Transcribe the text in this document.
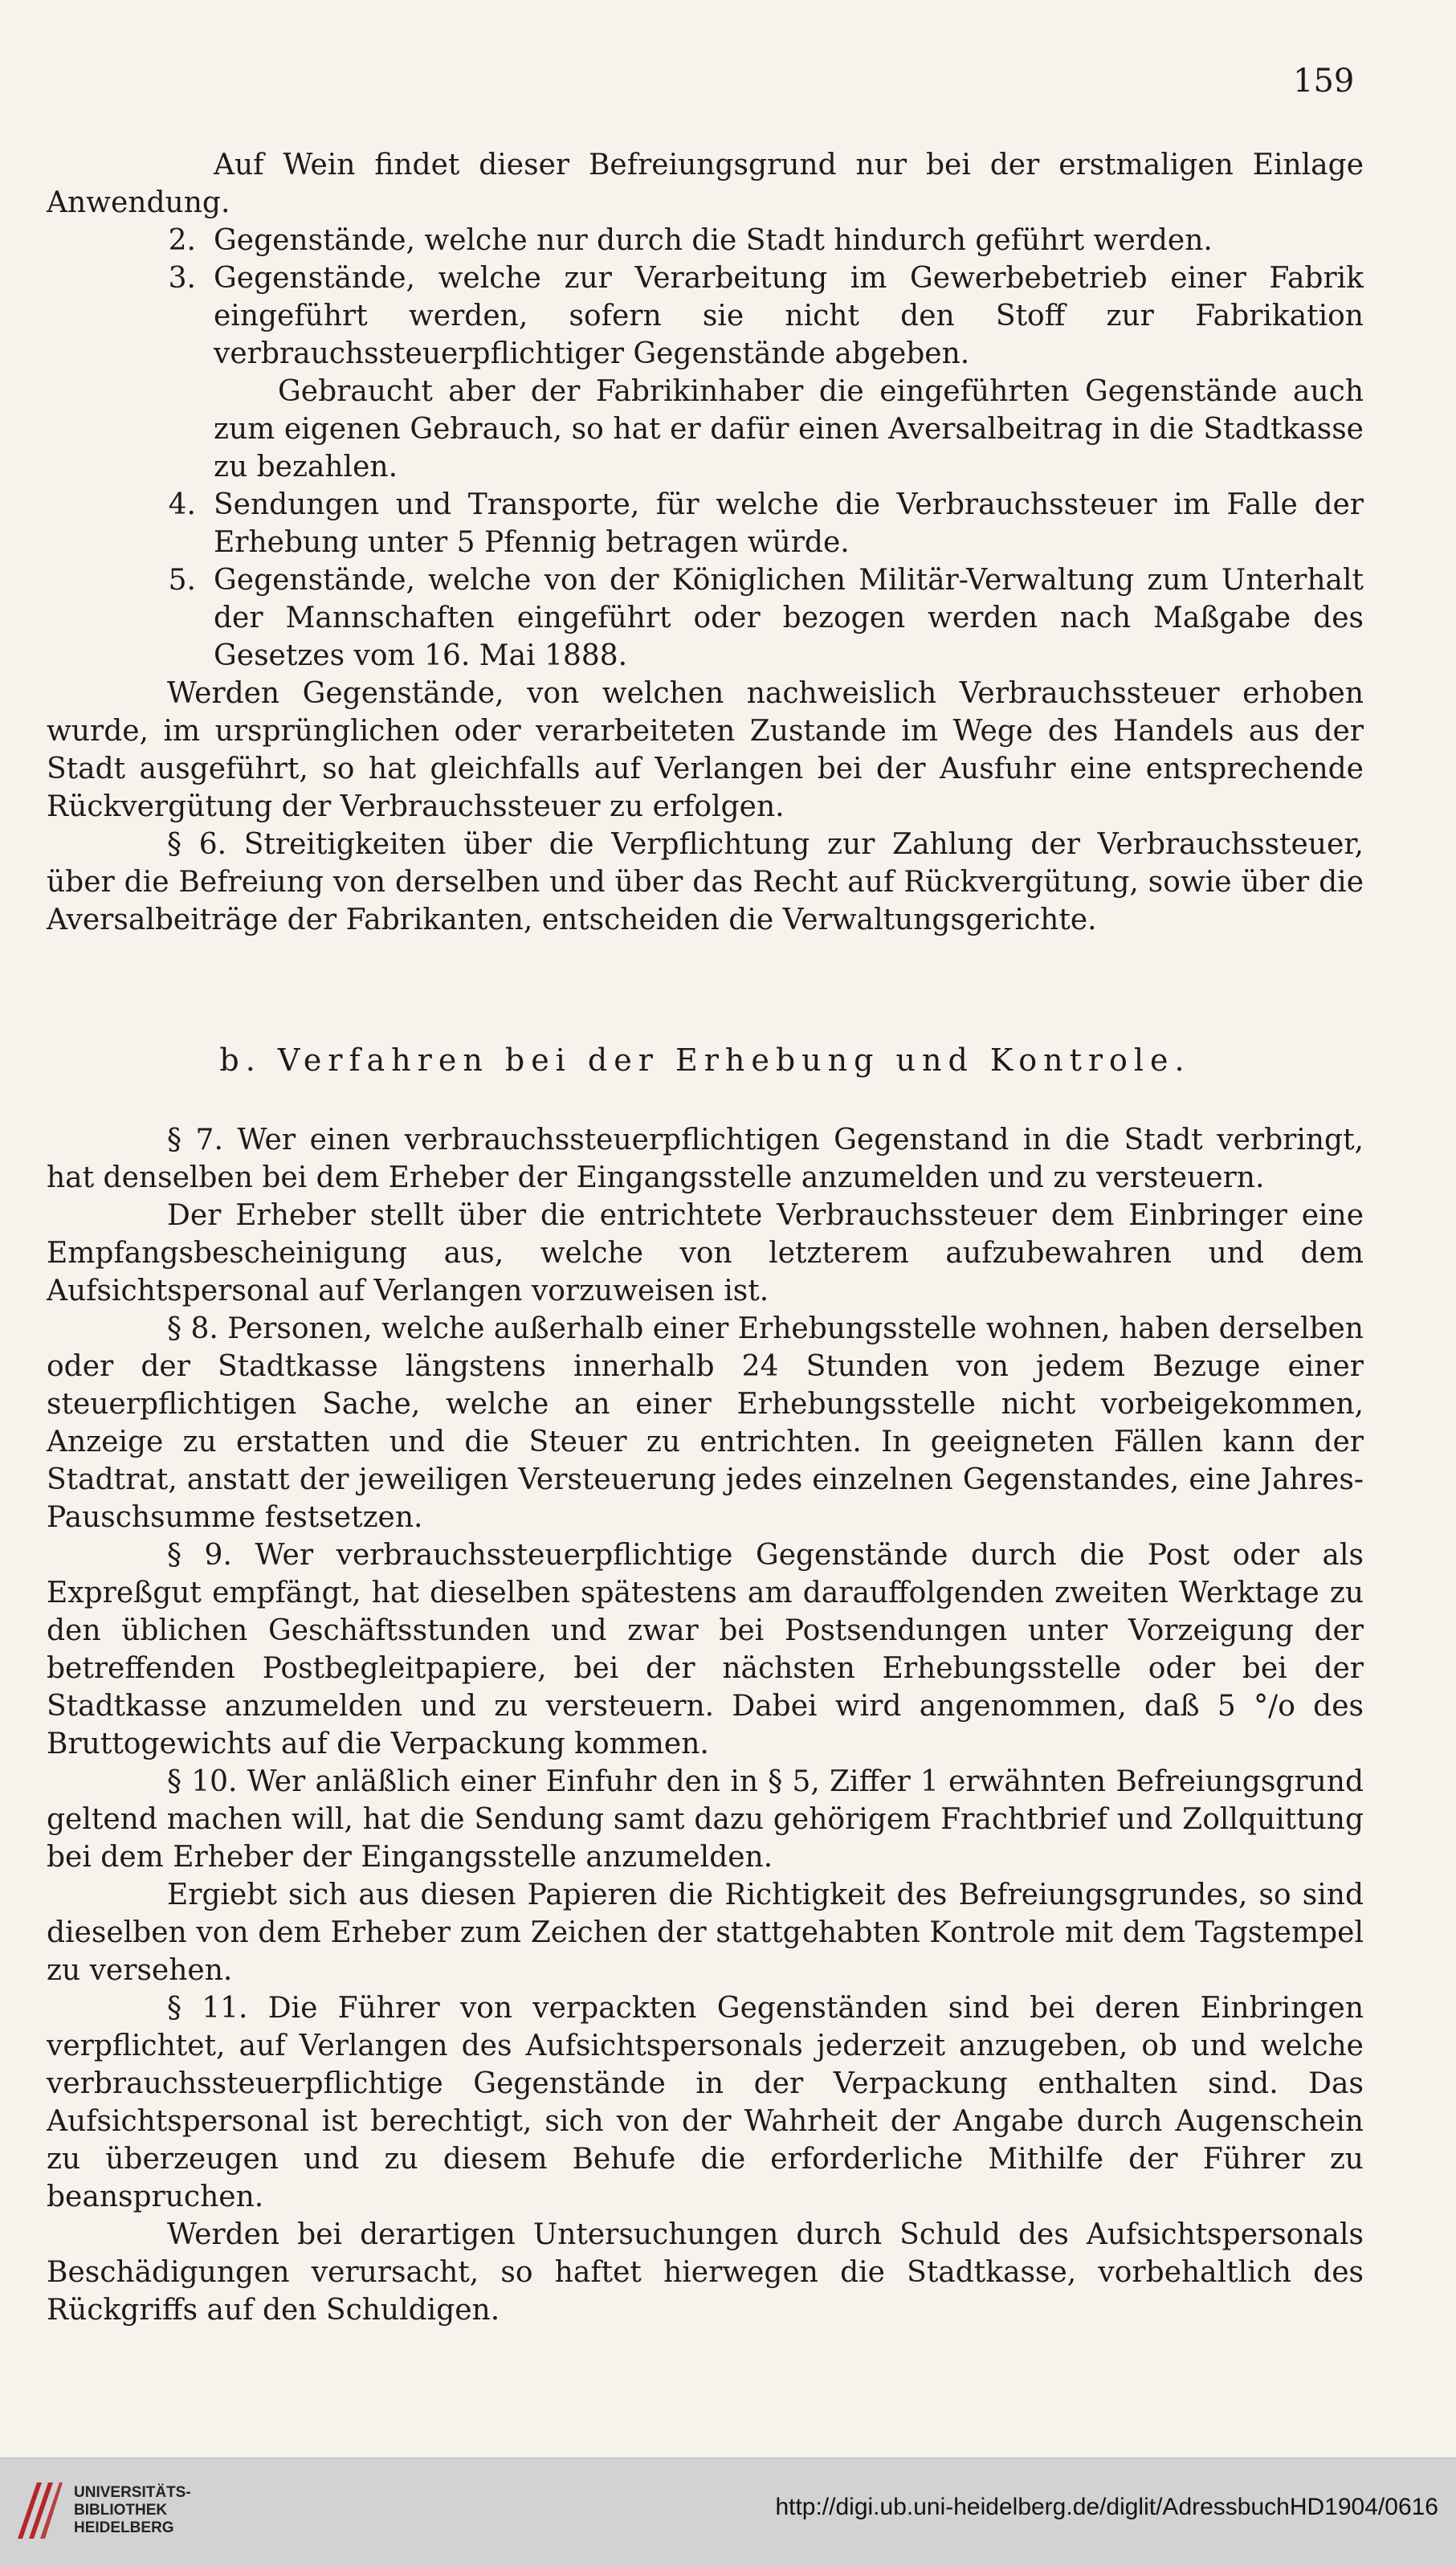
159

Auf Wein findet dieser Befreiungsgrund nur bei der erstmaligen Einlage Anwendung.

2. Gegenstände, welche nur durch die Stadt hindurch geführt werden.
3. Gegenstände, welche zur Verarbeitung im Gewerbebetrieb einer Fabrik eingeführt werden, sofern sie nicht den Stoff zur Fabrikation verbrauchssteuerpflichtiger Gegenstände abgeben.

Gebraucht aber der Fabrikinhaber die eingeführten Gegenstände auch zum eigenen Gebrauch, so hat er dafür einen Aversalbeitrag in die Stadtkasse zu bezahlen.

4. Sendungen und Transporte, für welche die Verbrauchssteuer im Falle der Erhebung unter 5 Pfennig betragen würde.
5. Gegenstände, welche von der Königlichen Militär-Verwaltung zum Unterhalt der Mannschaften eingeführt oder bezogen werden nach Maßgabe des Gesetzes vom 16. Mai 1888.

Werden Gegenstände, von welchen nachweislich Verbrauchssteuer erhoben wurde, im ursprünglichen oder verarbeiteten Zustande im Wege des Handels aus der Stadt ausgeführt, so hat gleichfalls auf Verlangen bei der Ausfuhr eine entsprechende Rückvergütung der Verbrauchssteuer zu erfolgen.

§ 6. Streitigkeiten über die Verpflichtung zur Zahlung der Verbrauchssteuer, über die Befreiung von derselben und über das Recht auf Rückvergütung, sowie über die Aversalbeiträge der Fabrikanten, entscheiden die Verwaltungsgerichte.

b. Verfahren bei der Erhebung und Kontrole.

§ 7. Wer einen verbrauchssteuerpflichtigen Gegenstand in die Stadt verbringt, hat denselben bei dem Erheber der Eingangsstelle anzumelden und zu versteuern.

Der Erheber stellt über die entrichtete Verbrauchssteuer dem Einbringer eine Empfangsbescheinigung aus, welche von letzterem aufzubewahren und dem Aufsichtspersonal auf Verlangen vorzuweisen ist.

§ 8. Personen, welche außerhalb einer Erhebungsstelle wohnen, haben derselben oder der Stadtkasse längstens innerhalb 24 Stunden von jedem Bezuge einer steuerpflichtigen Sache, welche an einer Erhebungsstelle nicht vorbeigekommen, Anzeige zu erstatten und die Steuer zu entrichten. In geeigneten Fällen kann der Stadtrat, anstatt der jeweiligen Versteuerung jedes einzelnen Gegenstandes, eine Jahres-Pauschsumme festsetzen.

§ 9. Wer verbrauchssteuerpflichtige Gegenstände durch die Post oder als Expreßgut empfängt, hat dieselben spätestens am darauffolgenden zweiten Werktage zu den üblichen Geschäftsstunden und zwar bei Postsendungen unter Vorzeigung der betreffenden Postbegleitpapiere, bei der nächsten Erhebungsstelle oder bei der Stadtkasse anzumelden und zu versteuern. Dabei wird angenommen, daß 5 °/o des Bruttogewichts auf die Verpackung kommen.

§ 10. Wer anläßlich einer Einfuhr den in § 5, Ziffer 1 erwähnten Befreiungsgrund geltend machen will, hat die Sendung samt dazu gehörigem Frachtbrief und Zollquittung bei dem Erheber der Eingangsstelle anzumelden.

Ergiebt sich aus diesen Papieren die Richtigkeit des Befreiungsgrundes, so sind dieselben von dem Erheber zum Zeichen der stattgehabten Kontrole mit dem Tagstempel zu versehen.

§ 11. Die Führer von verpackten Gegenständen sind bei deren Einbringen verpflichtet, auf Verlangen des Aufsichtspersonals jederzeit anzugeben, ob und welche verbrauchssteuerpflichtige Gegenstände in der Verpackung enthalten sind. Das Aufsichtspersonal ist berechtigt, sich von der Wahrheit der Angabe durch Augenschein zu überzeugen und zu diesem Behufe die erforderliche Mithilfe der Führer zu beanspruchen.

Werden bei derartigen Untersuchungen durch Schuld des Aufsichtspersonals Beschädigungen verursacht, so haftet hierwegen die Stadtkasse, vorbehaltlich des Rückgriffs auf den Schuldigen.

UNIVERSITÄTS-
BIBLIOTHEK
HEIDELBERG
http://digi.ub.uni-heidelberg.de/diglit/AdressbuchHD1904/0616
